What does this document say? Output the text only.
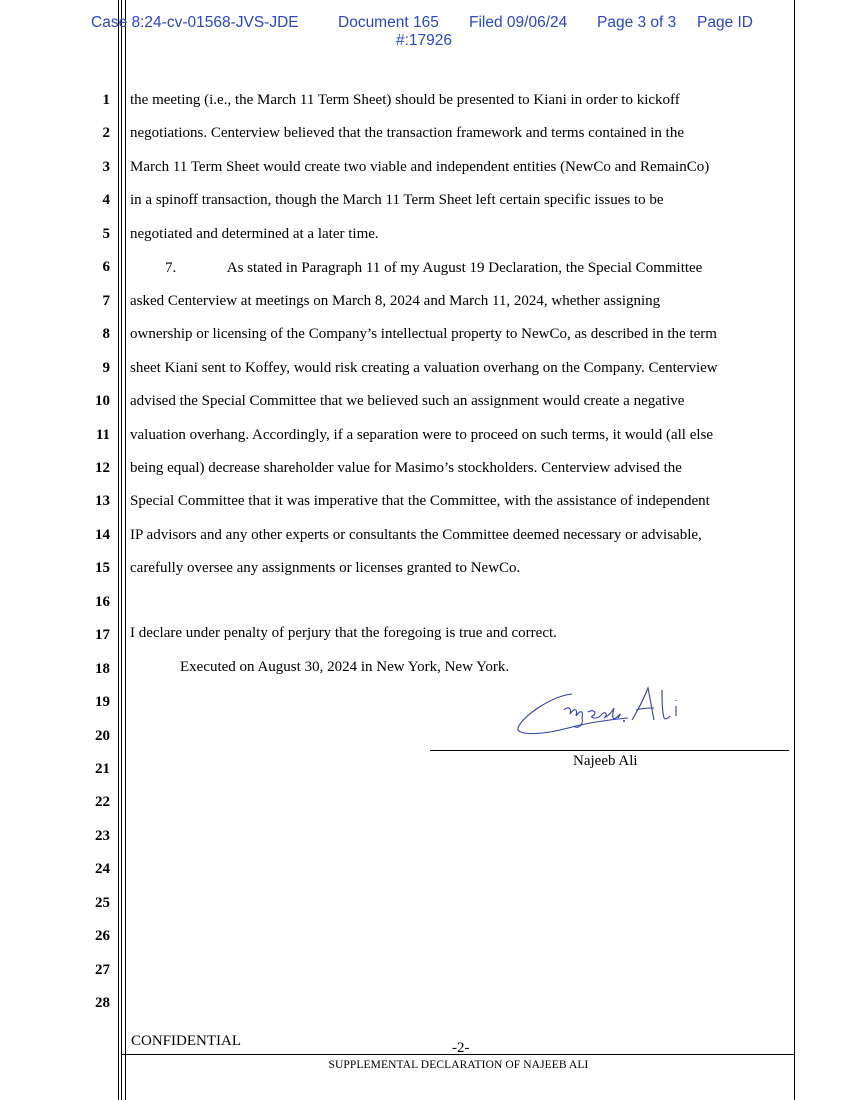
Case 8:24-cv-01568-JVS-JDE	Document 165 Filed 09/06/24 Page 3 of 3 Page ID
#:17926
1
2
3
4
5
6
7
8
9
10
11
12
13
14
15
16
17
18
19
20
21
22
23
24
25
26
27
28
the meeting (i.e., the March 11 Term Sheet) should be presented to Kiani in order to kickoff
negotiations. Centerview believed that the transaction framework and terms contained in the
March 11 Term Sheet would create two viable and independent entities (NewCo and RemainCo)
in a spinoff transaction, though the March 11 Term Sheet left certain specific issues to be
negotiated and determined at a later time.
asked Centerview at meetings on March 8, 2024 and March 11, 2024, whether assigning
ownership or licensing of the Company’s intellectual property to NewCo, as described in the term
sheet Kiani sent to Koffey, would risk creating a valuation overhang on the Company. Centerview
advised the Special Committee that we believed such an assignment would create a negative
valuation overhang. Accordingly, if a separation were to proceed on such terms, it would (all else
being equal) decrease shareholder value for Masimo’s stockholders. Centerview advised the
Special Committee that it was imperative that the Committee, with the assistance of independent
IP advisors and any other experts or consultants the Committee deemed necessary or advisable,
carefully oversee any assignments or licenses granted to NewCo.
7.	As stated in Paragraph 11 of my August 19 Declaration, the Special Committee
I declare under penalty of perjury that the foregoing is true and correct.
Executed on August 30, 2024 in New York, New York.
Najeeb Ali
CONFIDENTIAL	-2-
SUPPLEMENTAL DECLARATION OF NAJEEB ALI
